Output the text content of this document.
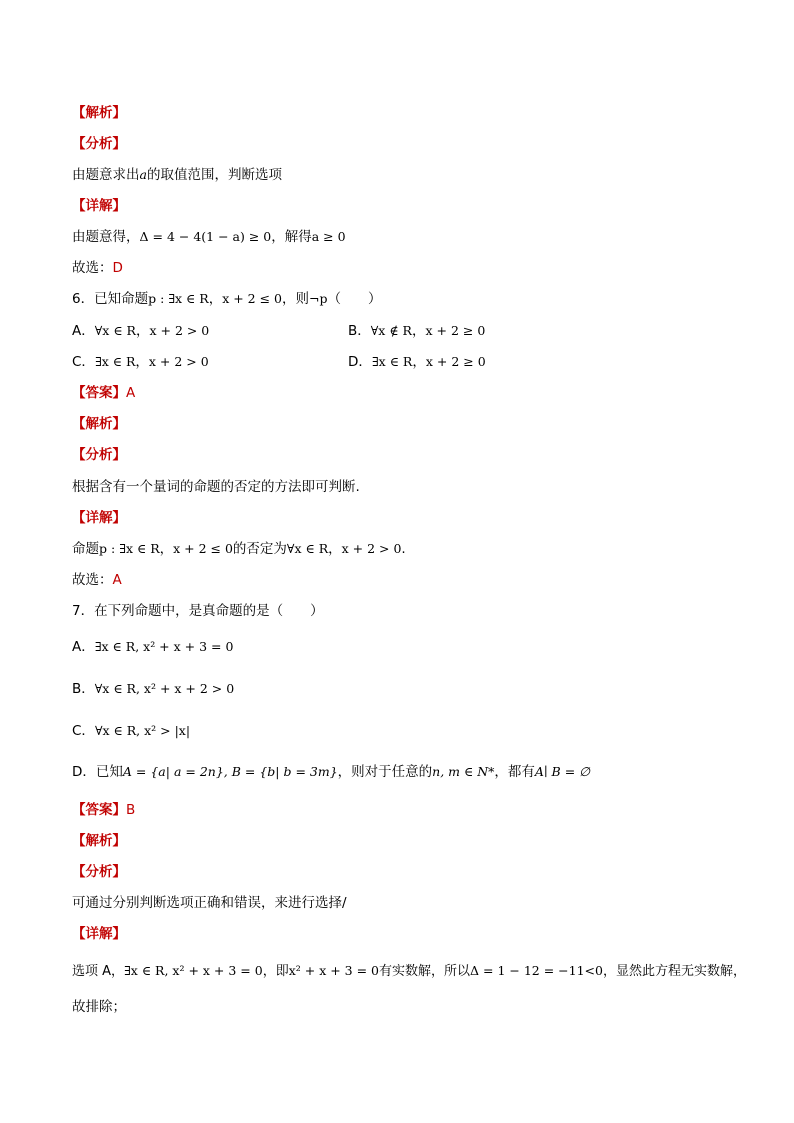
【解析】
【分析】
由题意求出a的取值范围，判断选项
【详解】
由题意得，Δ = 4 − 4(1 − a) ≥ 0，解得a ≥ 0
故选：D
6．已知命题p : ∃x ∈ R，x + 2 ≤ 0，则¬p（　　）
A．∀x ∈ R，x + 2 > 0	B．∀x ∉ R，x + 2 ≥ 0
C．∃x ∈ R，x + 2 > 0	D．∃x ∈ R，x + 2 ≥ 0
【答案】A
【解析】
【分析】
根据含有一个量词的命题的否定的方法即可判断.
【详解】
命题p : ∃x ∈ R，x + 2 ≤ 0的否定为∀x ∈ R，x + 2 > 0.
故选：A
7．在下列命题中，是真命题的是（　　）
A．∃x ∈ R, x² + x + 3 = 0
B．∀x ∈ R, x² + x + 2 > 0
C．∀x ∈ R, x² > |x|
D．已知A = {a| a = 2n}, B = {b| b = 3m}，则对于任意的n, m ∈ N*，都有A∣ B = ∅
【答案】B
【解析】
【分析】
可通过分别判断选项正确和错误，来进行选择/
【详解】
选项 A，∃x ∈ R, x² + x + 3 = 0，即x² + x + 3 = 0有实数解，所以Δ = 1 − 12 = −11<0，显然此方程无实数解，
故排除；
